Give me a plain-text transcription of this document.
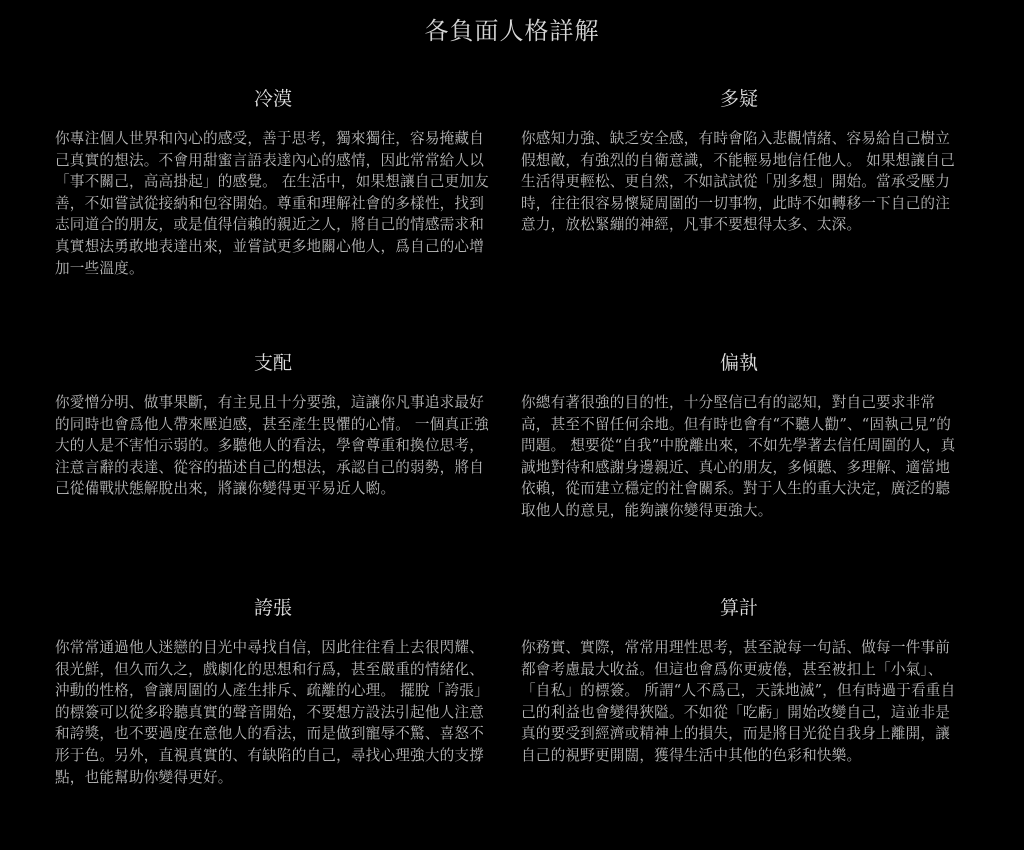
各負面人格詳解
冷漠

你專注個人世界和內心的感受，善于思考，獨來獨往，容易掩藏自己真實的想法。不會用甜蜜言語表達內心的感情，因此常常給人以「事不關己，高高掛起」的感覺。 在生活中，如果想讓自己更加友善，不如嘗試從接納和包容開始。尊重和理解社會的多樣性，找到志同道合的朋友，或是值得信賴的親近之人，將自己的情感需求和真實想法勇敢地表達出來，並嘗試更多地關心他人，爲自己的心增加一些溫度。

多疑

你感知力強、缺乏安全感，有時會陷入悲觀情緒、容易給自己樹立假想敵，有強烈的自衛意識，不能輕易地信任他人。 如果想讓自己生活得更輕松、更自然，不如試試從「別多想」開始。當承受壓力時，往往很容易懷疑周圍的一切事物，此時不如轉移一下自己的注意力，放松緊繃的神經，凡事不要想得太多、太深。

支配

你愛憎分明、做事果斷，有主見且十分要強，這讓你凡事追求最好的同時也會爲他人帶來壓迫感，甚至產生畏懼的心情。 一個真正強大的人是不害怕示弱的。多聽他人的看法，學會尊重和換位思考，注意言辭的表達、從容的描述自己的想法，承認自己的弱勢，將自己從備戰狀態解脫出來，將讓你變得更平易近人喲。

偏執

你總有著很強的目的性，十分堅信已有的認知，對自己要求非常高，甚至不留任何余地。但有時也會有“不聽人勸”、“固執己見”的問題。 想要從“自我”中脫離出來，不如先學著去信任周圍的人，真誠地對待和感謝身邊親近、真心的朋友，多傾聽、多理解、適當地依賴，從而建立穩定的社會關系。對于人生的重大決定，廣泛的聽取他人的意見，能夠讓你變得更強大。

誇張

你常常通過他人迷戀的目光中尋找自信，因此往往看上去很閃耀、很光鮮，但久而久之，戲劇化的思想和行爲，甚至嚴重的情緒化、沖動的性格，會讓周圍的人產生排斥、疏離的心理。 擺脫「誇張」的標簽可以從多聆聽真實的聲音開始，不要想方設法引起他人注意和誇獎，也不要過度在意他人的看法，而是做到寵辱不驚、喜怒不形于色。另外，直視真實的、有缺陷的自己，尋找心理強大的支撐點，也能幫助你變得更好。

算計

你務實、實際，常常用理性思考，甚至說每一句話、做每一件事前都會考慮最大收益。但這也會爲你更疲倦，甚至被扣上「小氣」、「自私」的標簽。 所謂“人不爲己，天誅地滅”，但有時過于看重自己的利益也會變得狹隘。不如從「吃虧」開始改變自己，這並非是真的要受到經濟或精神上的損失，而是將目光從自我身上離開，讓自己的視野更開闊，獲得生活中其他的色彩和快樂。
